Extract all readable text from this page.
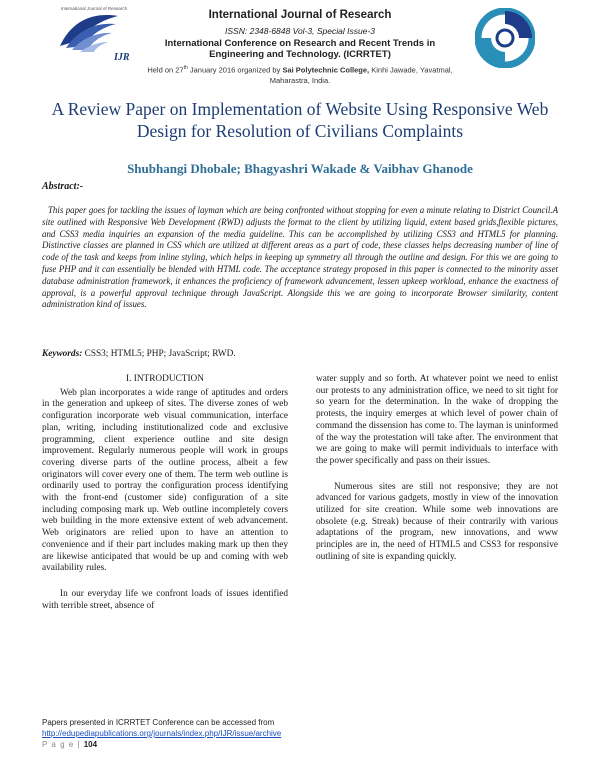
International Journal of Research
IJR
International Journal of Research
ISSN: 2348-6848 Vol-3, Special Issue-3
International Conference on Research and Recent Trends in
Engineering and Technology. (ICRRTET)
Held on 27th January 2016 organized by Sai Polytechnic College, Kinhi Jawade, Yavatmal, Maharastra, India.
A Review Paper on Implementation of Website Using Responsive Web Design for Resolution of Civilians Complaints
Shubhangi Dhobale; Bhagyashri Wakade & Vaibhav Ghanode
Abstract:-
This paper goes for tackling the issues of layman which are being confronted without stopping for even a minute relating to District Council.A site outlined with Responsive Web Development (RWD) adjusts the format to the client by utilizing liquid, extent based grids,flexible pictures, and CSS3 media inquiries an expansion of the media guideline. This can be accomplished by utilizing CSS3 and HTML5 for planning. Distinctive classes are planned in CSS which are utilized at different areas as a part of code, these classes helps decreasing number of line of code of the task and keeps from inline styling, which helps in keeping up symmetry all through the outline and design. For this we are going to fuse PHP and it can essentially be blended with HTML code. The acceptance strategy proposed in this paper is connected to the minority asset database administration framework, it enhances the proficiency of framework advancement, lessen upkeep workload, enhance the exactness of approval, is a powerful approval technique through JavaScript. Alongside this we are going to incorporate Browser similarity, content administration kind of issues.
Keywords: CSS3; HTML5; PHP; JavaScript; RWD.

I. INTRODUCTION

Web plan incorporates a wide range of aptitudes and orders in the generation and upkeep of sites. The diverse zones of web configuration incorporate web visual communication, interface plan, writing, including institutionalized code and exclusive programming, client experience outline and site design improvement. Regularly numerous people will work in groups covering diverse parts of the outline process, albeit a few originators will cover every one of them. The term web outline is ordinarily used to portray the configuration process identifying with the front-end (customer side) configuration of a site including composing mark up. Web outline incompletely covers web building in the more extensive extent of web advancement. Web originators are relied upon to have an attention to convenience and if their part includes making mark up then they are likewise anticipated that would be up and coming with web availability rules.

In our everyday life we confront loads of issues identified with terrible street, absence of

water supply and so forth. At whatever point we need to enlist our protests to any administration office, we need to sit tight for so yearn for the determination. In the wake of dropping the protests, the inquiry emerges at which level of power chain of command the dissension has come to. The layman is uninformed of the way the protestation will take after. The environment that we are going to make will permit individuals to interface with the power specifically and pass on their issues.

Numerous sites are still not responsive; they are not advanced for various gadgets, mostly in view of the innovation utilized for site creation. While some web innovations are obsolete (e.g. Streak) because of their contrarily with various adaptations of the program, new innovations, and www principles are in, the need of HTML5 and CSS3 for responsive outlining of site is expanding quickly.

Papers presented in ICRRTET Conference can be accessed from
http://edupediapublications.org/journals/index.php/IJR/issue/archive
P a g e | 104
